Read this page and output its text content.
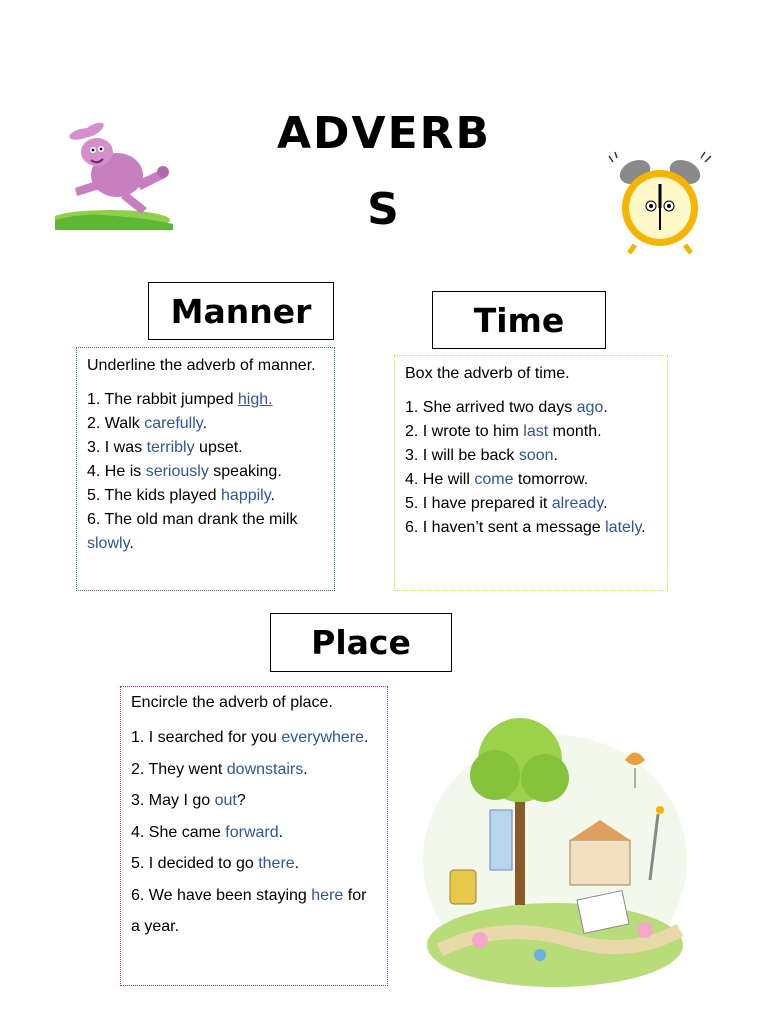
ADVERB
S
Manner	Time

Underline the adverb of manner.

1. The rabbit jumped high.

2. Walk carefully.

3. I was terribly upset.

4. He is seriously speaking.

5. The kids played happily.

6. The old man drank the milk slowly.

Box the adverb of time.

1. She arrived two days ago.

2. I wrote to him last month.

3. I will be back soon.

4. He will come tomorrow.

5. I have prepared it already.

6. I haven’t sent a message lately.

Place

Encircle the adverb of place.

1. I searched for you everywhere.

2. They went downstairs.

3. May I go out?

4. She came forward.

5. I decided to go there.

6. We have been staying here for a year.
